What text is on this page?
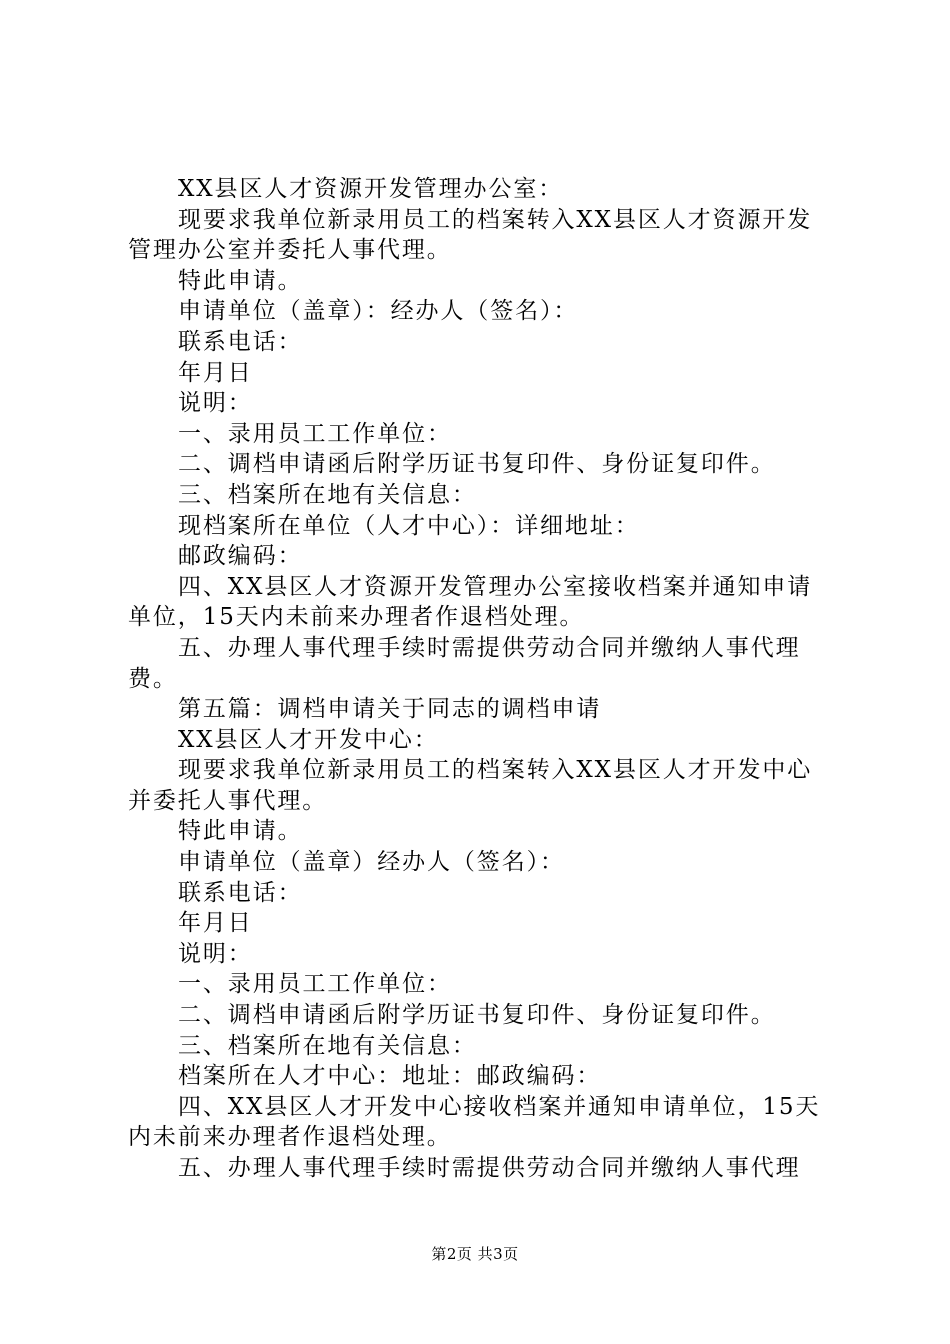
XX县区人才资源开发管理办公室：
现要求我单位新录用员工的档案转入XX县区人才资源开发
管理办公室并委托人事代理。
特此申请。
申请单位（盖章）：经办人（签名）：
联系电话：
年月日
说明：
一、录用员工工作单位：
二、调档申请函后附学历证书复印件、身份证复印件。
三、档案所在地有关信息：
现档案所在单位（人才中心）：详细地址：
邮政编码：
四、XX县区人才资源开发管理办公室接收档案并通知申请
单位，15天内未前来办理者作退档处理。
五、办理人事代理手续时需提供劳动合同并缴纳人事代理
费。
第五篇：调档申请关于同志的调档申请
XX县区人才开发中心：
现要求我单位新录用员工的档案转入XX县区人才开发中心
并委托人事代理。
特此申请。
申请单位（盖章）经办人（签名）：
联系电话：
年月日
说明：
一、录用员工工作单位：
二、调档申请函后附学历证书复印件、身份证复印件。
三、档案所在地有关信息：
档案所在人才中心：地址：邮政编码：
四、XX县区人才开发中心接收档案并通知申请单位，15天
内未前来办理者作退档处理。
五、办理人事代理手续时需提供劳动合同并缴纳人事代理
第2页 共3页
